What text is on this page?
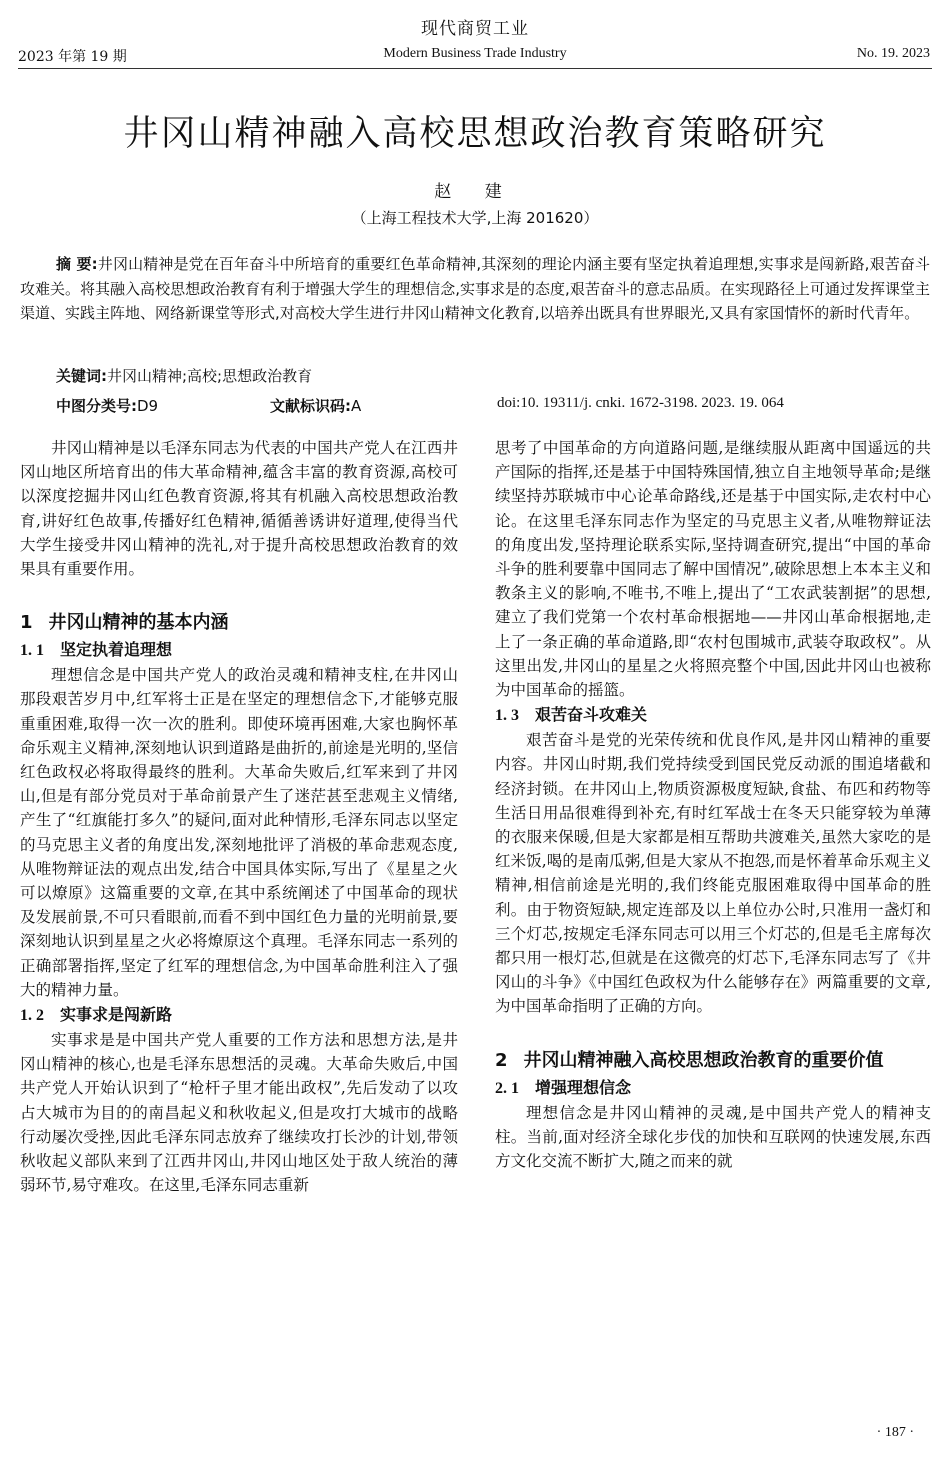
现代商贸工业
2023 年第 19 期	Modern Business Trade Industry	No. 19. 2023
井冈山精神融入高校思想政治教育策略研究
赵 建
（上海工程技术大学,上海 201620）
摘 要:井冈山精神是党在百年奋斗中所培育的重要红色革命精神,其深刻的理论内涵主要有坚定执着追理想,实事求是闯新路,艰苦奋斗攻难关。将其融入高校思想政治教育有利于增强大学生的理想信念,实事求是的态度,艰苦奋斗的意志品质。在实现路径上可通过发挥课堂主渠道、实践主阵地、网络新课堂等形式,对高校大学生进行井冈山精神文化教育,以培养出既具有世界眼光,又具有家国情怀的新时代青年。
关键词:井冈山精神;高校;思想政治教育
中图分类号:D9	文献标识码:A	doi:10. 19311/j. cnki. 1672-3198. 2023. 19. 064

井冈山精神是以毛泽东同志为代表的中国共产党人在江西井冈山地区所培育出的伟大革命精神,蕴含丰富的教育资源,高校可以深度挖掘井冈山红色教育资源,将其有机融入高校思想政治教育,讲好红色故事,传播好红色精神,循循善诱讲好道理,使得当代大学生接受井冈山精神的洗礼,对于提升高校思想政治教育的效果具有重要作用。

1 井冈山精神的基本内涵
1. 1 坚定执着追理想

理想信念是中国共产党人的政治灵魂和精神支柱,在井冈山那段艰苦岁月中,红军将士正是在坚定的理想信念下,才能够克服重重困难,取得一次一次的胜利。即使环境再困难,大家也胸怀革命乐观主义精神,深刻地认识到道路是曲折的,前途是光明的,坚信红色政权必将取得最终的胜利。大革命失败后,红军来到了井冈山,但是有部分党员对于革命前景产生了迷茫甚至悲观主义情绪,产生了“红旗能打多久”的疑问,面对此种情形,毛泽东同志以坚定的马克思主义者的角度出发,深刻地批评了消极的革命悲观态度,从唯物辩证法的观点出发,结合中国具体实际,写出了《星星之火可以燎原》这篇重要的文章,在其中系统阐述了中国革命的现状及发展前景,不可只看眼前,而看不到中国红色力量的光明前景,要深刻地认识到星星之火必将燎原这个真理。毛泽东同志一系列的正确部署指挥,坚定了红军的理想信念,为中国革命胜利注入了强大的精神力量。

1. 2 实事求是闯新路

实事求是是中国共产党人重要的工作方法和思想方法,是井冈山精神的核心,也是毛泽东思想活的灵魂。大革命失败后,中国共产党人开始认识到了“枪杆子里才能出政权”,先后发动了以攻占大城市为目的的南昌起义和秋收起义,但是攻打大城市的战略行动屡次受挫,因此毛泽东同志放弃了继续攻打长沙的计划,带领秋收起义部队来到了江西井冈山,井冈山地区处于敌人统治的薄弱环节,易守难攻。在这里,毛泽东同志重新

思考了中国革命的方向道路问题,是继续服从距离中国遥远的共产国际的指挥,还是基于中国特殊国情,独立自主地领导革命;是继续坚持苏联城市中心论革命路线,还是基于中国实际,走农村中心论。在这里毛泽东同志作为坚定的马克思主义者,从唯物辩证法的角度出发,坚持理论联系实际,坚持调查研究,提出“中国的革命斗争的胜利要靠中国同志了解中国情况”,破除思想上本本主义和教条主义的影响,不唯书,不唯上,提出了“工农武装割据”的思想,建立了我们党第一个农村革命根据地——井冈山革命根据地,走上了一条正确的革命道路,即“农村包围城市,武装夺取政权”。从这里出发,井冈山的星星之火将照亮整个中国,因此井冈山也被称为中国革命的摇篮。

1. 3 艰苦奋斗攻难关

艰苦奋斗是党的光荣传统和优良作风,是井冈山精神的重要内容。井冈山时期,我们党持续受到国民党反动派的围追堵截和经济封锁。在井冈山上,物质资源极度短缺,食盐、布匹和药物等生活日用品很难得到补充,有时红军战士在冬天只能穿较为单薄的衣服来保暖,但是大家都是相互帮助共渡难关,虽然大家吃的是红米饭,喝的是南瓜粥,但是大家从不抱怨,而是怀着革命乐观主义精神,相信前途是光明的,我们终能克服困难取得中国革命的胜利。由于物资短缺,规定连部及以上单位办公时,只准用一盏灯和三个灯芯,按规定毛泽东同志可以用三个灯芯的,但是毛主席每次都只用一根灯芯,但就是在这微亮的灯芯下,毛泽东同志写了《井冈山的斗争》《中国红色政权为什么能够存在》两篇重要的文章,为中国革命指明了正确的方向。

2 井冈山精神融入高校思想政治教育的重要价值
2. 1 增强理想信念

理想信念是井冈山精神的灵魂,是中国共产党人的精神支柱。当前,面对经济全球化步伐的加快和互联网的快速发展,东西方文化交流不断扩大,随之而来的就

· 187 ·
